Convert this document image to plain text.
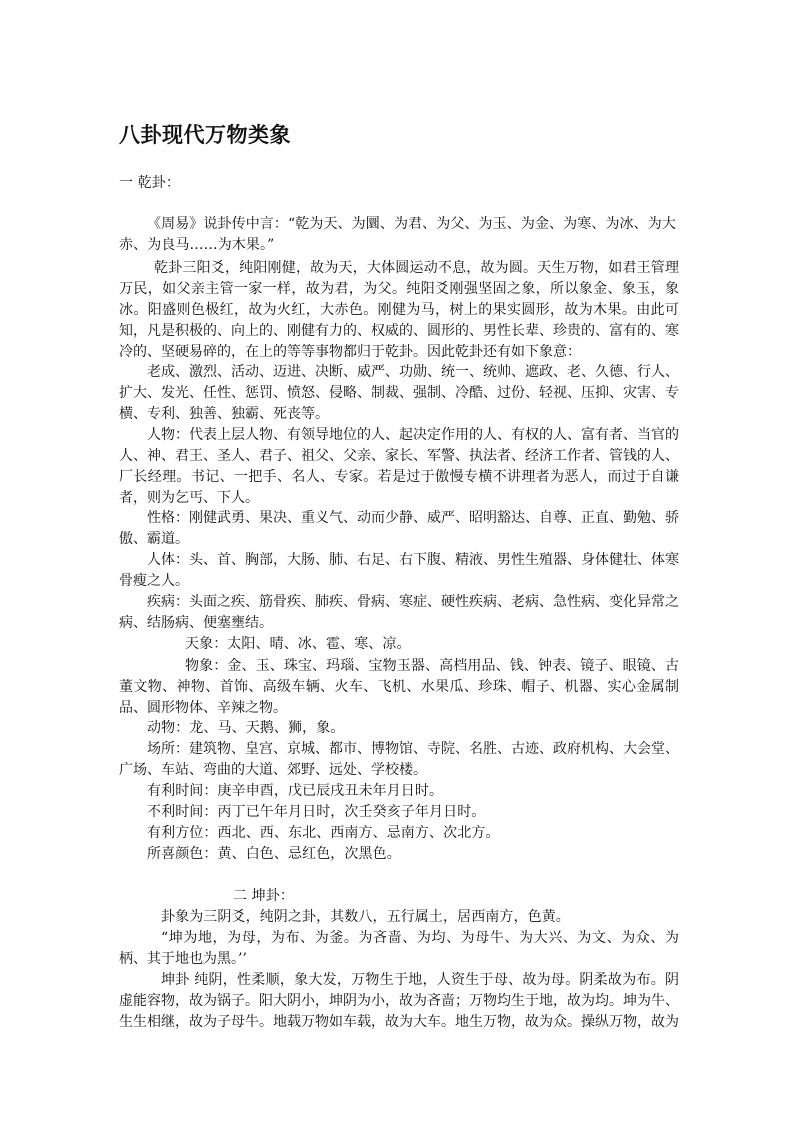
八卦现代万物类象

一 乾卦：

《周易》说卦传中言：“乾为天、为圜、为君、为父、为玉、为金、为寒、为冰、为大

赤、为良马……为木果。”

乾卦三阳爻，纯阳刚健，故为天，大体圆运动不息，故为圆。天生万物，如君王管理万民，如父亲主管一家一样，故为君，为父。纯阳爻刚强坚固之象，所以象金、象玉，象冰。阳盛则色极红，故为火红，大赤色。刚健为马，树上的果实圆形，故为木果。由此可知，凡是积极的、向上的、刚健有力的、权威的、圆形的、男性长辈、珍贵的、富有的、寒冷的、坚硬易碎的，在上的等等事物都归于乾卦。因此乾卦还有如下象意：

老成、激烈、活动、迈进、决断、威严、功勋、统一、统帅、遮政、老、久德、行人、扩大、发光、任性、惩罚、愤怒、侵略、制裁、强制、冷酷、过份、轻视、压抑、灾害、专横、专利、独善、独霸、死丧等。

人物：代表上层人物、有领导地位的人、起决定作用的人、有权的人、富有者、当官的人、神、君王、圣人、君子、祖父、父亲、家长、军警、执法者、经济工作者、管钱的人、厂长经理。书记、一把手、名人、专家。若是过于傲慢专横不讲理者为恶人，而过于自谦者，则为乞丐、下人。

性格：刚健武勇、果决、重义气、动而少静、威严、昭明豁达、自尊、正直、勤勉、骄傲、霸道。

人体：头、首、胸部，大肠、肺、右足、右下腹、精液、男性生殖器、身体健壮、体寒骨瘦之人。

疾病：头面之疾、筋骨疾、肺疾、骨病、寒症、硬性疾病、老病、急性病、变化异常之病、结肠病、便塞壅结。

天象：太阳、晴、冰、雹、寒、凉。

物象：金、玉、珠宝、玛瑙、宝物玉器、高档用品、钱、钟表、镜子、眼镜、古董文物、神物、首饰、高级车辆、火车、飞机、水果瓜、珍珠、帽子、机器、实心金属制品、圆形物体、辛辣之物。

动物：龙、马、天鹅、狮，象。

场所：建筑物、皇宫、京城、都市、博物馆、寺院、名胜、古迹、政府机构、大会堂、广场、车站、弯曲的大道、郊野、远处、学校楼。

有利时间：庚辛申酉，戊已辰戌丑未年月日时。

不利时间：丙丁已午年月日时，次壬癸亥子年月日时。

有利方位：西北、西、东北、西南方、忌南方、次北方。

所喜颜色：黄、白色、忌红色，次黑色。

二 坤卦：

卦象为三阴爻，纯阴之卦，其数八，五行属土，居西南方，色黄。

“坤为地，为母，为布、为釜。为吝啬、为均、为母牛、为大兴、为文、为众、为柄、其于地也为黑。’’

坤卦 纯阴，性柔顺，象大发，万物生于地，人资生于母、故为母。阴柔故为布。阴虚能容物，故为锅子。阳大阴小，坤阴为小，故为吝啬；万物均生于地，故为均。坤为牛、生生相继，故为子母牛。地载万物如车载，故为大车。地生万物，故为众。操纵万物，故为
